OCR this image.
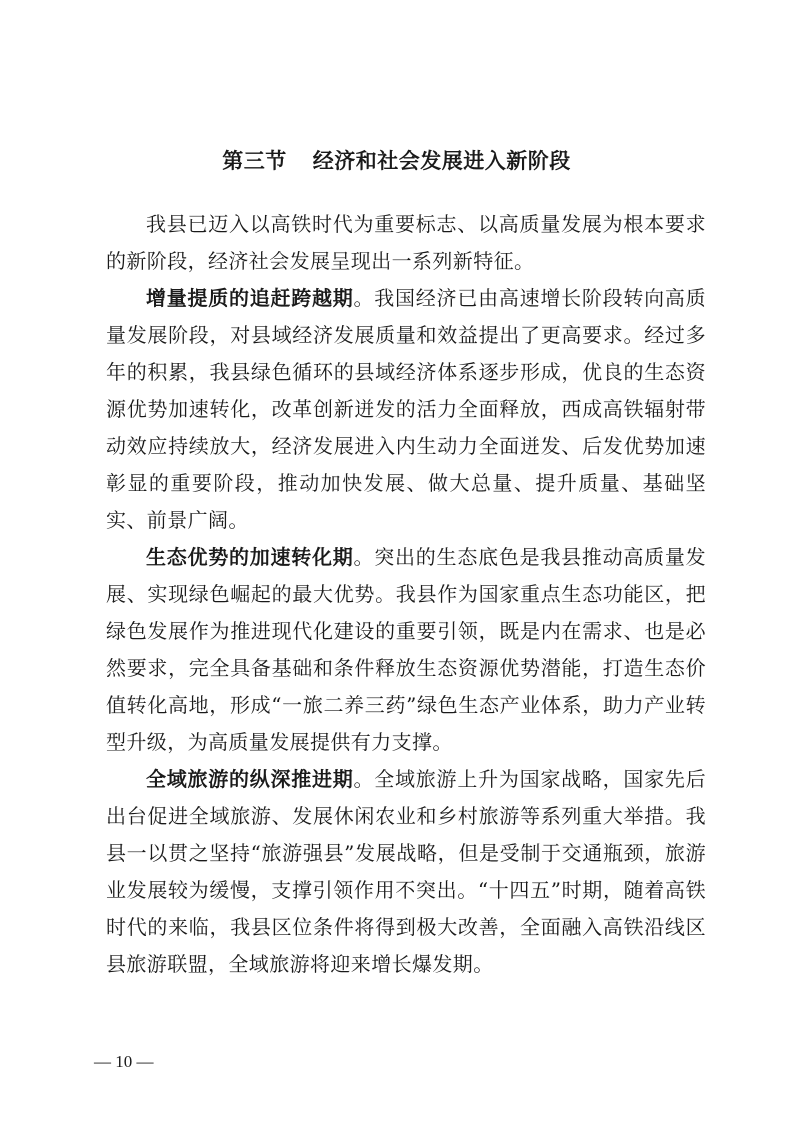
第三节 经济和社会发展进入新阶段

我县已迈入以高铁时代为重要标志、以高质量发展为根本要求的新阶段，经济社会发展呈现出一系列新特征。

增量提质的追赶跨越期。我国经济已由高速增长阶段转向高质量发展阶段，对县域经济发展质量和效益提出了更高要求。经过多年的积累，我县绿色循环的县域经济体系逐步形成，优良的生态资源优势加速转化，改革创新迸发的活力全面释放，西成高铁辐射带动效应持续放大，经济发展进入内生动力全面迸发、后发优势加速彰显的重要阶段，推动加快发展、做大总量、提升质量、基础坚实、前景广阔。

生态优势的加速转化期。突出的生态底色是我县推动高质量发展、实现绿色崛起的最大优势。我县作为国家重点生态功能区，把绿色发展作为推进现代化建设的重要引领，既是内在需求、也是必然要求，完全具备基础和条件释放生态资源优势潜能，打造生态价值转化高地，形成“一旅二养三药”绿色生态产业体系，助力产业转型升级，为高质量发展提供有力支撑。

全域旅游的纵深推进期。全域旅游上升为国家战略，国家先后出台促进全域旅游、发展休闲农业和乡村旅游等系列重大举措。我县一以贯之坚持“旅游强县”发展战略，但是受制于交通瓶颈，旅游业发展较为缓慢，支撑引领作用不突出。“十四五”时期，随着高铁时代的来临，我县区位条件将得到极大改善，全面融入高铁沿线区县旅游联盟，全域旅游将迎来增长爆发期。

— 10 —
